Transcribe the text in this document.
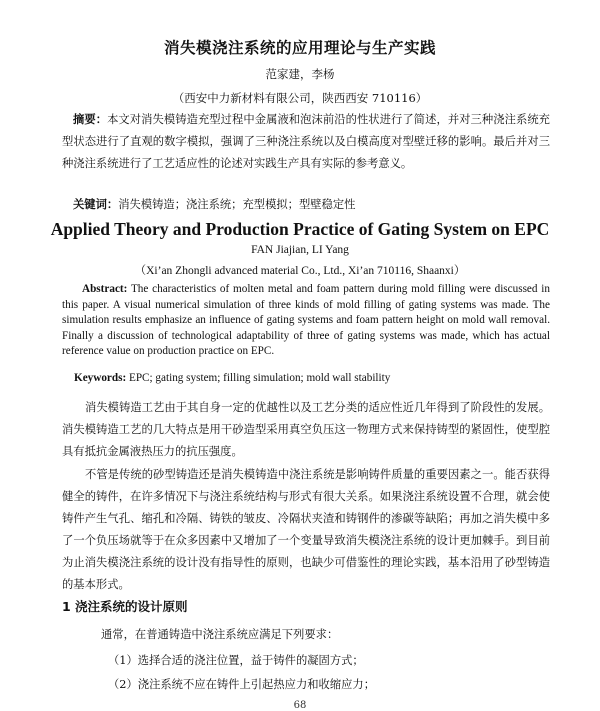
消失模浇注系统的应用理论与生产实践
范家建，李杨
（西安中力新材料有限公司，陕西西安 710116）
摘要：本文对消失模铸造充型过程中金属液和泡沫前沿的性状进行了简述，并对三种浇注系统充型状态进行了直观的数字模拟，强调了三种浇注系统以及白模高度对型壁迁移的影响。最后并对三种浇注系统进行了工艺适应性的论述对实践生产具有实际的参考意义。
关键词：消失模铸造；浇注系统；充型模拟；型壁稳定性
Applied Theory and Production Practice of Gating System on EPC
FAN Jiajian, LI Yang
（Xi’an Zhongli advanced material Co., Ltd., Xi’an 710116, Shaanxi）
Abstract: The characteristics of molten metal and foam pattern during mold filling were discussed in this paper. A visual numerical simulation of three kinds of mold filling of gating systems was made. The simulation results emphasize an influence of gating systems and foam pattern height on mold wall removal. Finally a discussion of technological adaptability of three of gating systems was made, which has actual reference value on production practice on EPC.
Keywords: EPC; gating system; filling simulation; mold wall stability
消失模铸造工艺由于其自身一定的优越性以及工艺分类的适应性近几年得到了阶段性的发展。消失模铸造工艺的几大特点是用干砂造型采用真空负压这一物理方式来保持铸型的紧固性，使型腔具有抵抗金属液热压力的抗压强度。
不管是传统的砂型铸造还是消失模铸造中浇注系统是影响铸件质量的重要因素之一。能否获得健全的铸件，在许多情况下与浇注系统结构与形式有很大关系。如果浇注系统设置不合理，就会使铸件产生气孔、缩孔和冷隔、铸铁的皱皮、冷隔状夹渣和铸钢件的渗碳等缺陷；再加之消失模中多了一个负压场就等于在众多因素中又增加了一个变量导致消失模浇注系统的设计更加棘手。到目前为止消失模浇注系统的设计没有指导性的原则，也缺少可借鉴性的理论实践，基本沿用了砂型铸造的基本形式。
1 浇注系统的设计原则
通常，在普通铸造中浇注系统应满足下列要求：
（1）选择合适的浇注位置，益于铸件的凝固方式；
（2）浇注系统不应在铸件上引起热应力和收缩应力；
68
